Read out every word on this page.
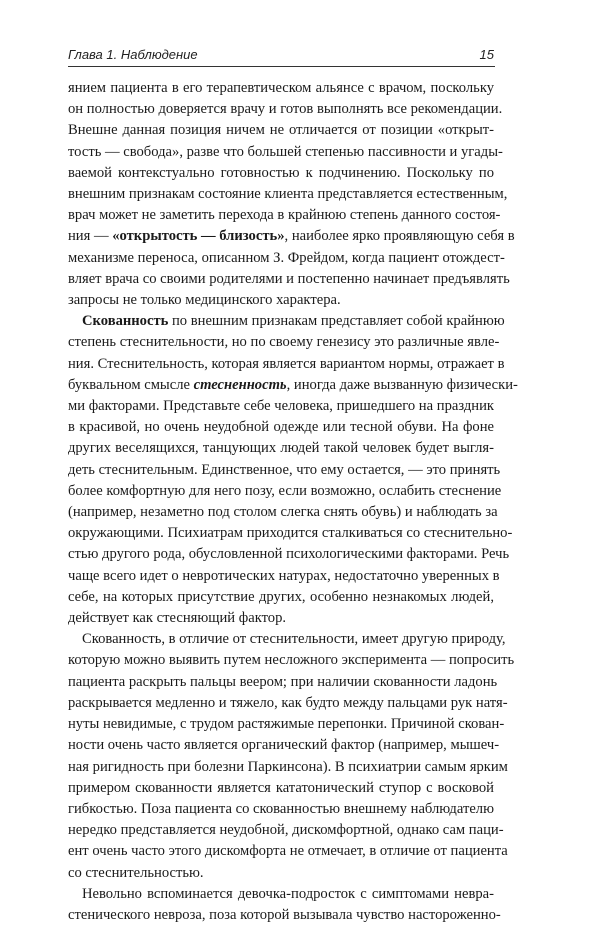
Глава 1. Наблюдение	15
янием пациента в его терапевтическом альянсе с врачом, поскольку
он полностью доверяется врачу и готов выполнять все рекомендации.
Внешне данная позиция ничем не отличается от позиции «открыт-
тость — свобода», разве что большей степенью пассивности и угады-
ваемой контекстуально готовностью к подчинению. Поскольку по
внешним признакам состояние клиента представляется естественным,
врач может не заметить перехода в крайнюю степень данного состоя-
ния — «открытость — близость», наиболее ярко проявляющую себя в
механизме переноса, описанном З. Фрейдом, когда пациент отождест-
вляет врача со своими родителями и постепенно начинает предъявлять
запросы не только медицинского характера.
Скованность по внешним признакам представляет собой крайнюю
степень стеснительности, но по своему генезису это различные явле-
ния. Стеснительность, которая является вариантом нормы, отражает в
буквальном смысле стесненность, иногда даже вызванную физически-
ми факторами. Представьте себе человека, пришедшего на праздник
в красивой, но очень неудобной одежде или тесной обуви. На фоне
других веселящихся, танцующих людей такой человек будет выгля-
деть стеснительным. Единственное, что ему остается, — это принять
более комфортную для него позу, если возможно, ослабить стеснение
(например, незаметно под столом слегка снять обувь) и наблюдать за
окружающими. Психиатрам приходится сталкиваться со стеснительно-
стью другого рода, обусловленной психологическими факторами. Речь
чаще всего идет о невротических натурах, недостаточно уверенных в
себе, на которых присутствие других, особенно незнакомых людей,
действует как стесняющий фактор.
Скованность, в отличие от стеснительности, имеет другую природу,
которую можно выявить путем несложного эксперимента — попросить
пациента раскрыть пальцы веером; при наличии скованности ладонь
раскрывается медленно и тяжело, как будто между пальцами рук натя-
нуты невидимые, с трудом растяжимые перепонки. Причиной скован-
ности очень часто является органический фактор (например, мышеч-
ная ригидность при болезни Паркинсона). В психиатрии самым ярким
примером скованности является кататонический ступор с восковой
гибкостью. Поза пациента со скованностью внешнему наблюдателю
нередко представляется неудобной, дискомфортной, однако сам паци-
ент очень часто этого дискомфорта не отмечает, в отличие от пациента
со стеснительностью.
Невольно вспоминается девочка-подросток с симптомами невра-
стенического невроза, поза которой вызывала чувство настороженно-
